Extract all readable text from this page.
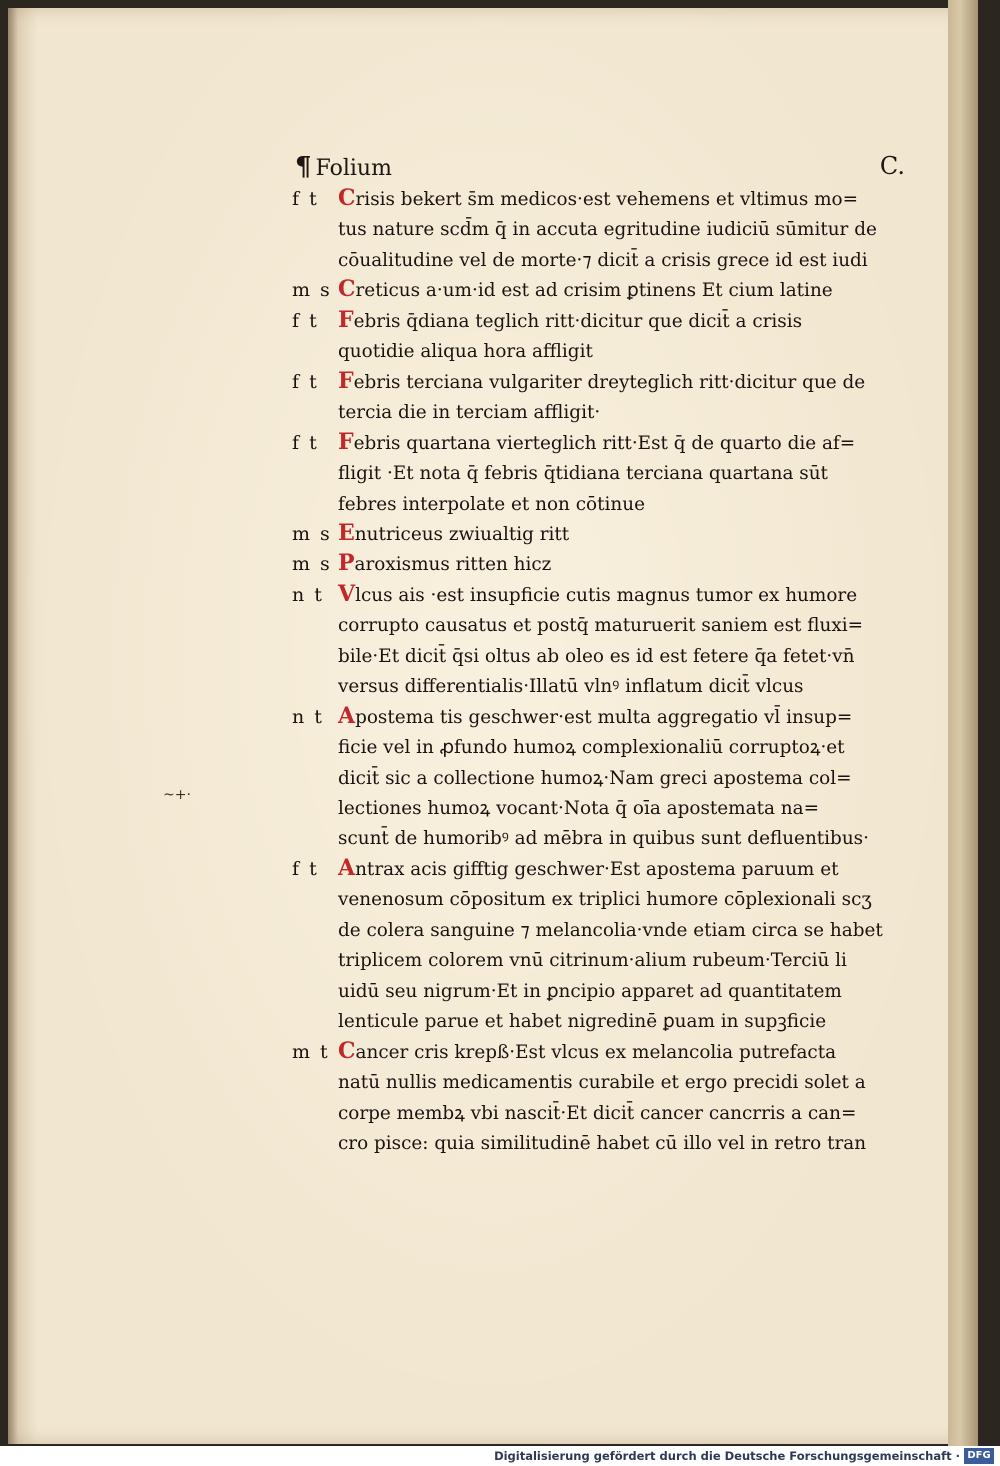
~+·
¶ Folium	C.
f t Crisis bekert s̄m medicos·est vehemens et vltimus mo=
tus nature scd̄m q̄ in accuta egritudine iudiciū sūmitur de
cōualitudine vel de morte·⁊ dicit̄ a crisis grece id est iudi
m s Creticus a·um·id est ad crisim ꝑtinens Et cium latine
f t Febris q̄diana teglich ritt·dicitur que dicit̄ a crisis
quotidie aliqua hora affligit
f t Febris terciana vulgariter dreyteglich ritt·dicitur que de
tercia die in terciam affligit·
f t Febris quartana vierteglich ritt·Est q̄ de quarto die af=
fligit ·Et nota q̄ febris q̄tidiana terciana quartana sūt
febres interpolate et non cōtinue
m s Enutriceus zwiualtig ritt
m s Paroxismus ritten hicz
n t Vlcus ais ·est insupficie cutis magnus tumor ex humore
corrupto causatus et postq̄ maturuerit saniem est fluxi=
bile·Et dicit̄ q̄si oltus ab oleo es id est fetere q̄a fetet·vn̄
versus differentialis·Illatū vlnꝰ inflatum dicit̄ vlcus
n t Apostema tis geschwer·est multa aggregatio vl̄ insup=
ficie vel in ꝓfundo humoꝝ complexionaliū corruptoꝝ·et
dicit̄ sic a collectione humoꝝ·Nam greci apostema col=
lectiones humoꝝ vocant·Nota q̄ oīa apostemata na=
scunt̄ de humoribꝰ ad mēbra in quibus sunt defluentibus·
f t Antrax acis gifftig geschwer·Est apostema paruum et
venenosum cōpositum ex triplici humore cōplexionali scʒ
de colera sanguine ⁊ melancolia·vnde etiam circa se habet
triplicem colorem vnū citrinum·alium rubeum·Terciū li
uidū seu nigrum·Et in ꝑncipio apparet ad quantitatem
lenticule parue et habet nigredinē ꝑuam in supꝫficie
m t Cancer cris krepß·Est vlcus ex melancolia putrefacta
natū nullis medicamentis curabile et ergo precidi solet a
corpe membꝝ vbi nascit̄·Et dicit̄ cancer cancrris a can=
cro pisce: quia similitudinē habet cū illo vel in retro tran
Digitalisierung gefördert durch die Deutsche Forschungsgemeinschaft · DFG
